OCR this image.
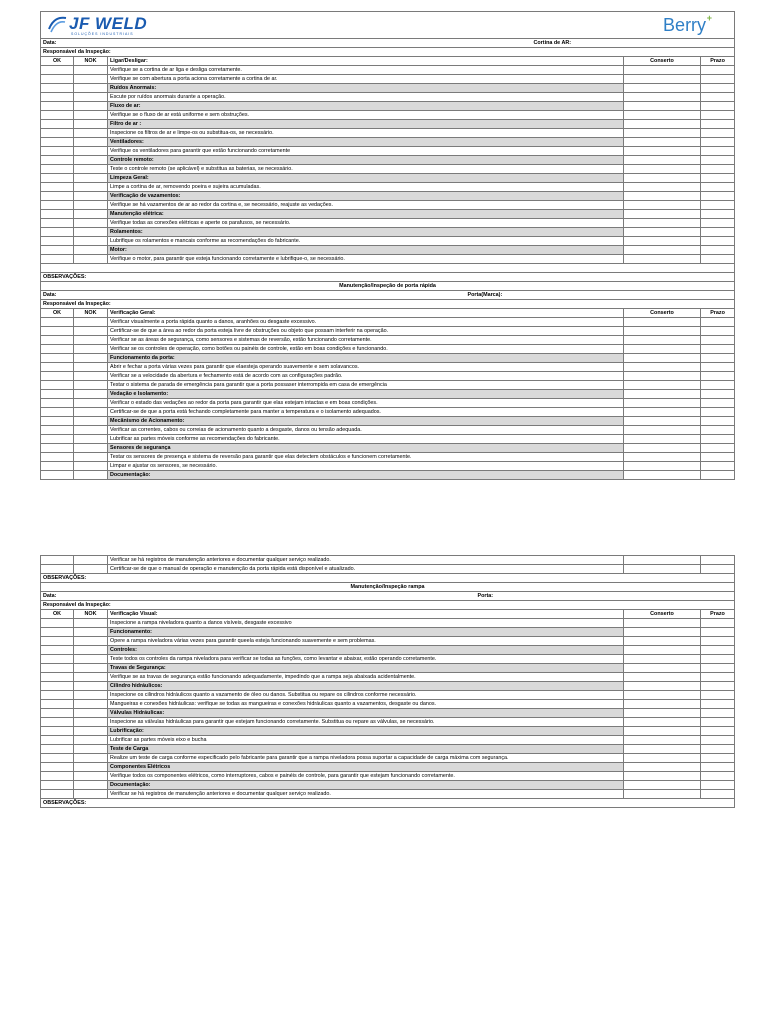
JF WELD
SOLUÇÕES INDUSTRIAIS Berry +				

Data:		Cortina de AR:		
Responsável da Inspeção:				
OK	NOK	Ligar/Desligar:	Conserto	Prazo
		Verifique se a cortina de ar liga e desliga corretamente.		
		Verifique se com abertura a porta aciona corretamente a cortina de ar.		
		Ruídos Anormais:		
		Escute por ruídos anormais durante a operação.		
		Fluxo de ar:		
		Verifique se o fluxo de ar está uniforme e sem obstruções.		
		Filtro de ar :		
		Inspecione os filtros de ar e limpe-os ou substitua-os, se necessário.		
		Ventiladores:		
		Verifique os ventiladores para garantir que estão funcionando corretamente		
		Controle remoto:		
		Teste o controle remoto (se aplicável) e substitua as baterias, se necessário.		
		Limpeza Geral:		
		Limpe a cortina de ar, removendo poeira e sujeira acumuladas.		
		Verificação de vazamentos:		
		Verifique se há vazamentos de ar ao redor da cortina e, se necessário, reajuste as vedações.		
		Manutenção elétrica:		
		Verifique todas as conexões elétricas e aperte os parafusos, se necessário.		
		Rolamentos:		
		Lubrifique os rolamentos e mancais conforme as recomendações do fabricante.		
		Motor:		
		Verifique o motor, para garantir que esteja funcionando corretamente e lubrifique-o, se necessário.		

OBSERVAÇÕES:				
Manutenção/Inspeção de porta rápida				
Data:		Porta(Marca):		
Responsável da Inspeção:				
OK	NOK	Verificação Geral:	Conserto	Prazo
		Verificar visualmente a porta rápida quanto a danos, aranhões ou desgaste excessivo.		
		Certificar-se de que a área ao redor da porta esteja livre de obstruções ou objeto que possam interferir na operação.		
		Verificar se as áreas de segurança, como sensores e sistemas de reversão, estão funcionando corretamente.		
		Verificar se os controles de operação, como botões ou painéis de controle, estão em boas condições e funcionando.		
		Funcionamento da porta:		
		Abrir e fechar a porta várias vezes para garantir que elaesteja operando suavemente e sem solavancos.		
		Verificar se a velocidade da abertura e fechamento está de acordo com as configurações padrão.		
		Testar o sistema de parada de emergência para garantir que a porta possaser interrompida em casa de emergência		
		Vedação e Isolamento:		
		Verificar o estado das vedações ao redor da porta para garantir que elas estejam intactas e em boas condições.		
		Certificar-se de que a porta está fechando completamente para manter a temperatura e o isolamento adequados.		
		Mecânismo de Acionamento:		
		Verificar as correntes, cabos ou correias de acionamento quanto a desgaste, danos ou tensão adequada.		
		Lubrificar as partes móveis conforme as recomendações do fabricante.		
		Sensores de segurança		
		Testar os sensores de presença e sistema de reversão para garantir que elas detectem obstáculos e funcionem corretamente.		
		Limpar e ajustar os sensores, se necessário.		
		Documentação:		
		Verificar se há registros de manutenção anteriores e documentar qualquer serviço realizado.		
		Certificar-se de que o manual de operação e manutenção da porta rápida está disponível e atualizado.		
OBSERVAÇÕES:				
Manutenção/Inspeção rampa				
Data:		Porta:		
Responsável da Inspeção:				
OK	NOK	Verificação Visual:	Conserto	Prazo
		Inspecione a rampa niveladora quanto a danos visíveis, desgaste excessivo		
		Funcionamento:		
		Opere a rampa niveladora várias vezes para garantir queela esteja funcionando suavemente e sem problemas.		
		Controles:		
		Teste todos os controles da rampa niveladora para verificar se todas as funções, como levantar e abaixar, estão operando corretamente.		
		Travas de Segurança:		
		Verifique se as travas de segurança estão funcionando adequadamente, impedindo que a rampa seja abaixada acidentalmente.		
		Cilindro hidráulicos:		
		Inspecione os cilindros hidráulicos quanto a vazamento de óleo ou danos. Substitua ou repare os cilindros conforme necessário.		
		Mangueiras e conexões hidráulicas: verifique se todas as mangueiras e conexões hidráulicas quanto a vazamentos, desgaste ou danos.		
		Válvulas Hidráulicas:		
		Inspecione as válvulas hidráulicas para garantir que estejam funcionando corretamente. Substitua ou repare as válvulas, se necessário.		
		Lubrificação:		
		Lubrificar as partes móveis eixo e bucha		
		Teste de Carga		
		Realize um teste de carga conforme especificado pelo fabricante para garantir que a rampa niveladora possa suportar a capacidade de carga máxima com segurança.		
		Componentes Elétricos		
		Verifique todos os componentes elétricos, como interruptores, cabos e painéis de controle, para garantir que estejam funcionando corretamente.		
		Documentação:		
		Verificar se há registros de manutenção anteriores e documentar qualquer serviço realizado.		
OBSERVAÇÕES:				
